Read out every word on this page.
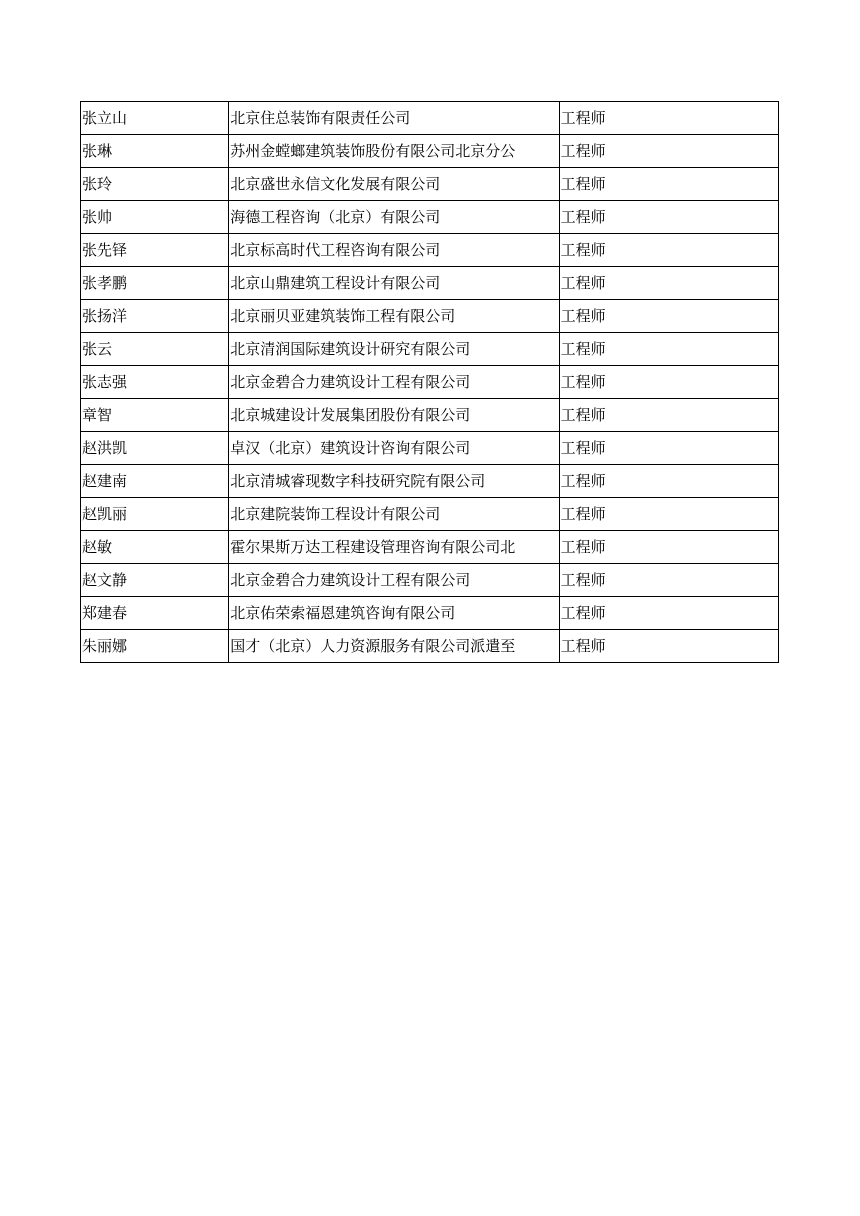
张立山	北京住总装饰有限责任公司	工程师
张琳	苏州金螳螂建筑装饰股份有限公司北京分公	工程师
张玲	北京盛世永信文化发展有限公司	工程师
张帅	海德工程咨询（北京）有限公司	工程师
张先铎	北京标高时代工程咨询有限公司	工程师
张孝鹏	北京山鼎建筑工程设计有限公司	工程师
张扬洋	北京丽贝亚建筑装饰工程有限公司	工程师
张云	北京清润国际建筑设计研究有限公司	工程师
张志强	北京金碧合力建筑设计工程有限公司	工程师
章智	北京城建设计发展集团股份有限公司	工程师
赵洪凯	卓汉（北京）建筑设计咨询有限公司	工程师
赵建南	北京清城睿现数字科技研究院有限公司	工程师
赵凯丽	北京建院装饰工程设计有限公司	工程师
赵敏	霍尔果斯万达工程建设管理咨询有限公司北	工程师
赵文静	北京金碧合力建筑设计工程有限公司	工程师
郑建春	北京佑荣索福恩建筑咨询有限公司	工程师
朱丽娜	国才（北京）人力资源服务有限公司派遣至	工程师
